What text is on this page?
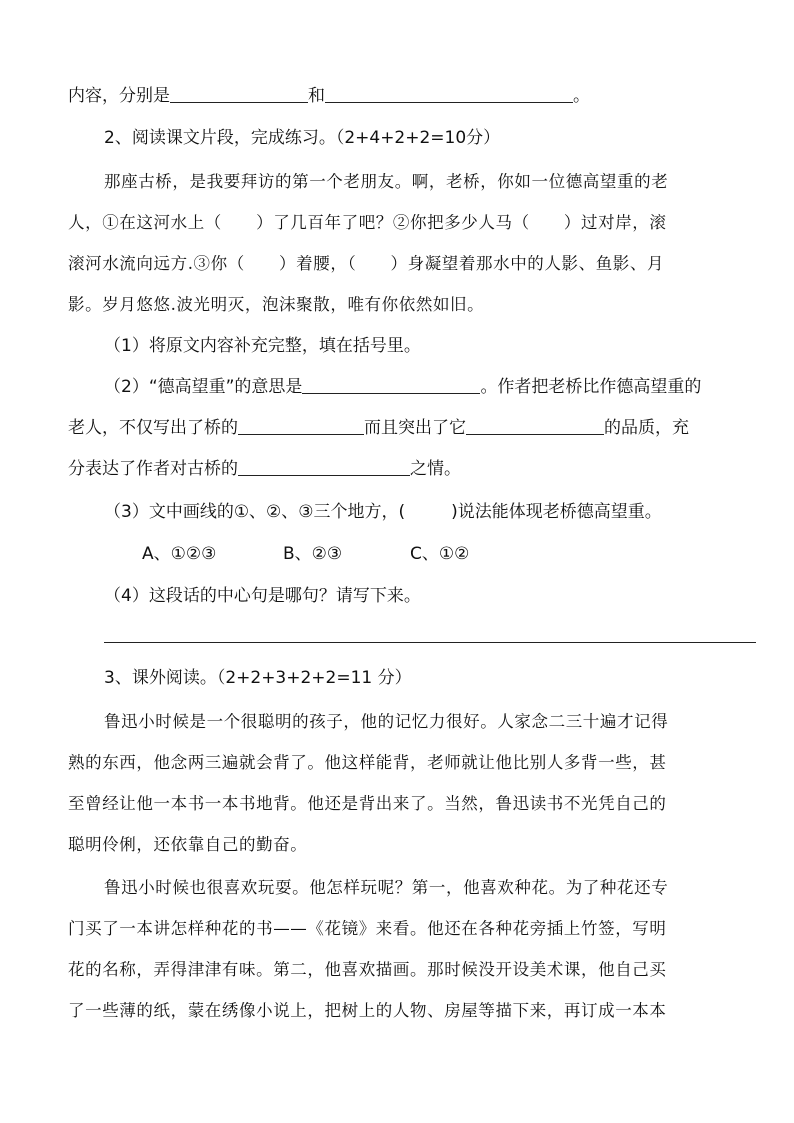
内容，分别是	和	。
2、阅读课文片段，完成练习。（2+4+2+2=10分）
那座古桥，是我要拜访的第一个老朋友。啊，老桥，你如一位德高望重的老
人，①在这河水上（　　）了几百年了吧？②你把多少人马（　　）过对岸，滚
滚河水流向远方.③你（　　）着腰，（　　）身凝望着那水中的人影、鱼影、月
影。岁月悠悠.波光明灭，泡沫聚散，唯有你依然如旧。
（1）将原文内容补充完整，填在括号里。
（2）“德高望重”的意思是	。作者把老桥比作德高望重的
老人，不仅写出了桥的	而且突出了它	的品质，充
分表达了作者对古桥的	之情。
（3）文中画线的①、②、③三个地方，(	)说法能体现老桥德高望重。
A、①②③	B、②③	C、①②
（4）这段话的中心句是哪句？请写下来。
3、课外阅读。（2+2+3+2+2=11 分）
鲁迅小时候是一个很聪明的孩子，他的记忆力很好。人家念二三十遍才记得
熟的东西，他念两三遍就会背了。他这样能背，老师就让他比别人多背一些，甚
至曾经让他一本书一本书地背。他还是背出来了。当然，鲁迅读书不光凭自己的
聪明伶俐，还依靠自己的勤奋。
鲁迅小时候也很喜欢玩耍。他怎样玩呢？第一，他喜欢种花。为了种花还专
门买了一本讲怎样种花的书——《花镜》来看。他还在各种花旁插上竹签，写明
花的名称，弄得津津有味。第二，他喜欢描画。那时候没开设美术课，他自己买
了一些薄的纸，蒙在绣像小说上，把树上的人物、房屋等描下来，再订成一本本
